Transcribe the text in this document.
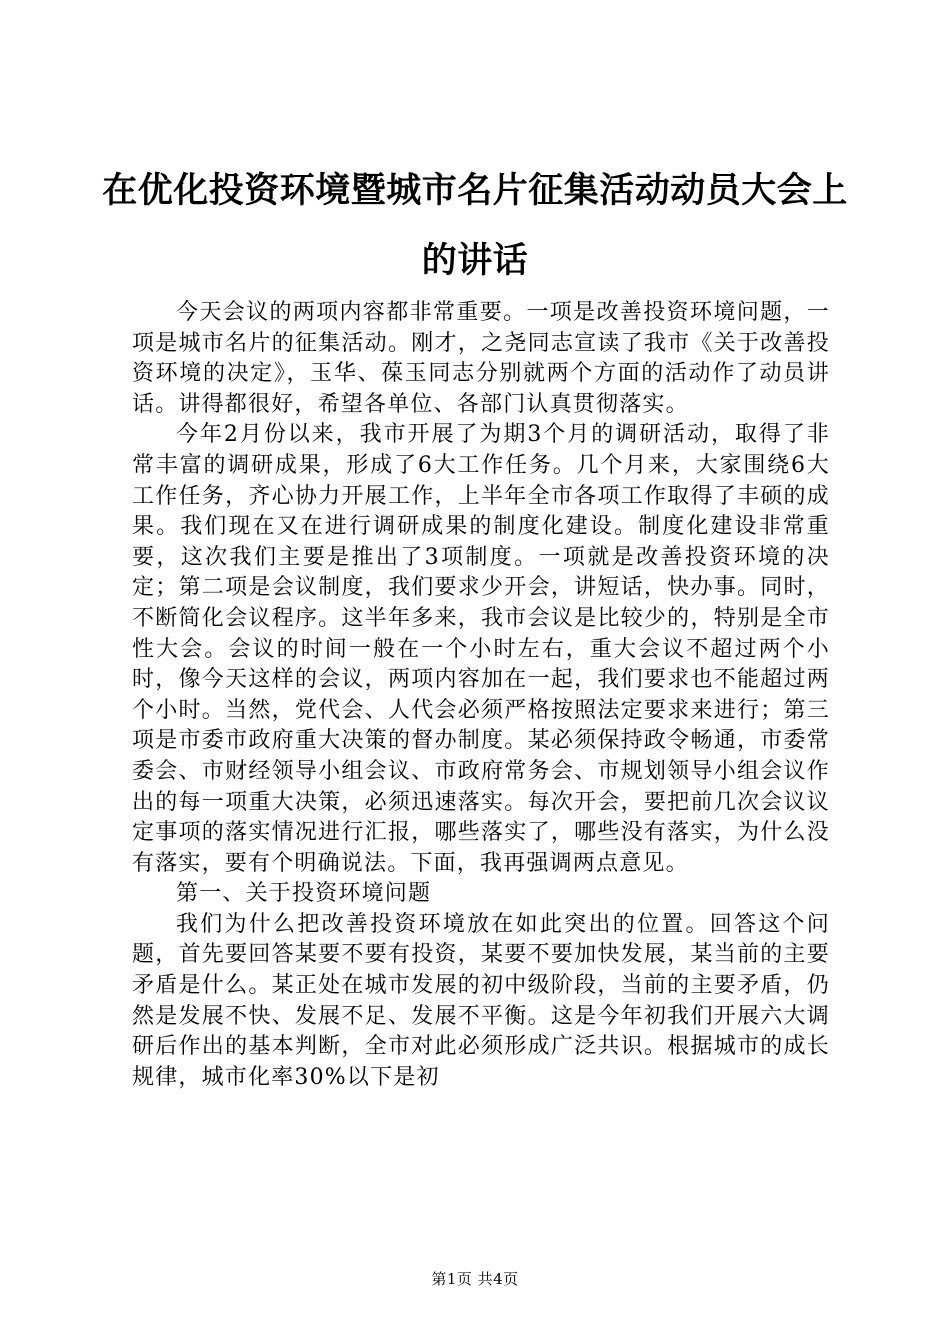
在优化投资环境暨城市名片征集活动动员大会上的讲话

今天会议的两项内容都非常重要。一项是改善投资环境问题，一项是城市名片的征集活动。刚才，之尧同志宣读了我市《关于改善投资环境的决定》，玉华、葆玉同志分别就两个方面的活动作了动员讲话。讲得都很好，希望各单位、各部门认真贯彻落实。

今年2月份以来，我市开展了为期3个月的调研活动，取得了非常丰富的调研成果，形成了6大工作任务。几个月来，大家围绕6大工作任务，齐心协力开展工作，上半年全市各项工作取得了丰硕的成果。我们现在又在进行调研成果的制度化建设。制度化建设非常重要，这次我们主要是推出了3项制度。一项就是改善投资环境的决定；第二项是会议制度，我们要求少开会，讲短话，快办事。同时，不断简化会议程序。这半年多来，我市会议是比较少的，特别是全市性大会。会议的时间一般在一个小时左右，重大会议不超过两个小时，像今天这样的会议，两项内容加在一起，我们要求也不能超过两个小时。当然，党代会、人代会必须严格按照法定要求来进行；第三项是市委市政府重大决策的督办制度。某必须保持政令畅通，市委常委会、市财经领导小组会议、市政府常务会、市规划领导小组会议作出的每一项重大决策，必须迅速落实。每次开会，要把前几次会议议定事项的落实情况进行汇报，哪些落实了，哪些没有落实，为什么没有落实，要有个明确说法。下面，我再强调两点意见。

第一、关于投资环境问题

我们为什么把改善投资环境放在如此突出的位置。回答这个问题，首先要回答某要不要有投资，某要不要加快发展，某当前的主要矛盾是什么。某正处在城市发展的初中级阶段，当前的主要矛盾，仍然是发展不快、发展不足、发展不平衡。这是今年初我们开展六大调研后作出的基本判断，全市对此必须形成广泛共识。根据城市的成长规律，城市化率30%以下是初

第1页 共4页
